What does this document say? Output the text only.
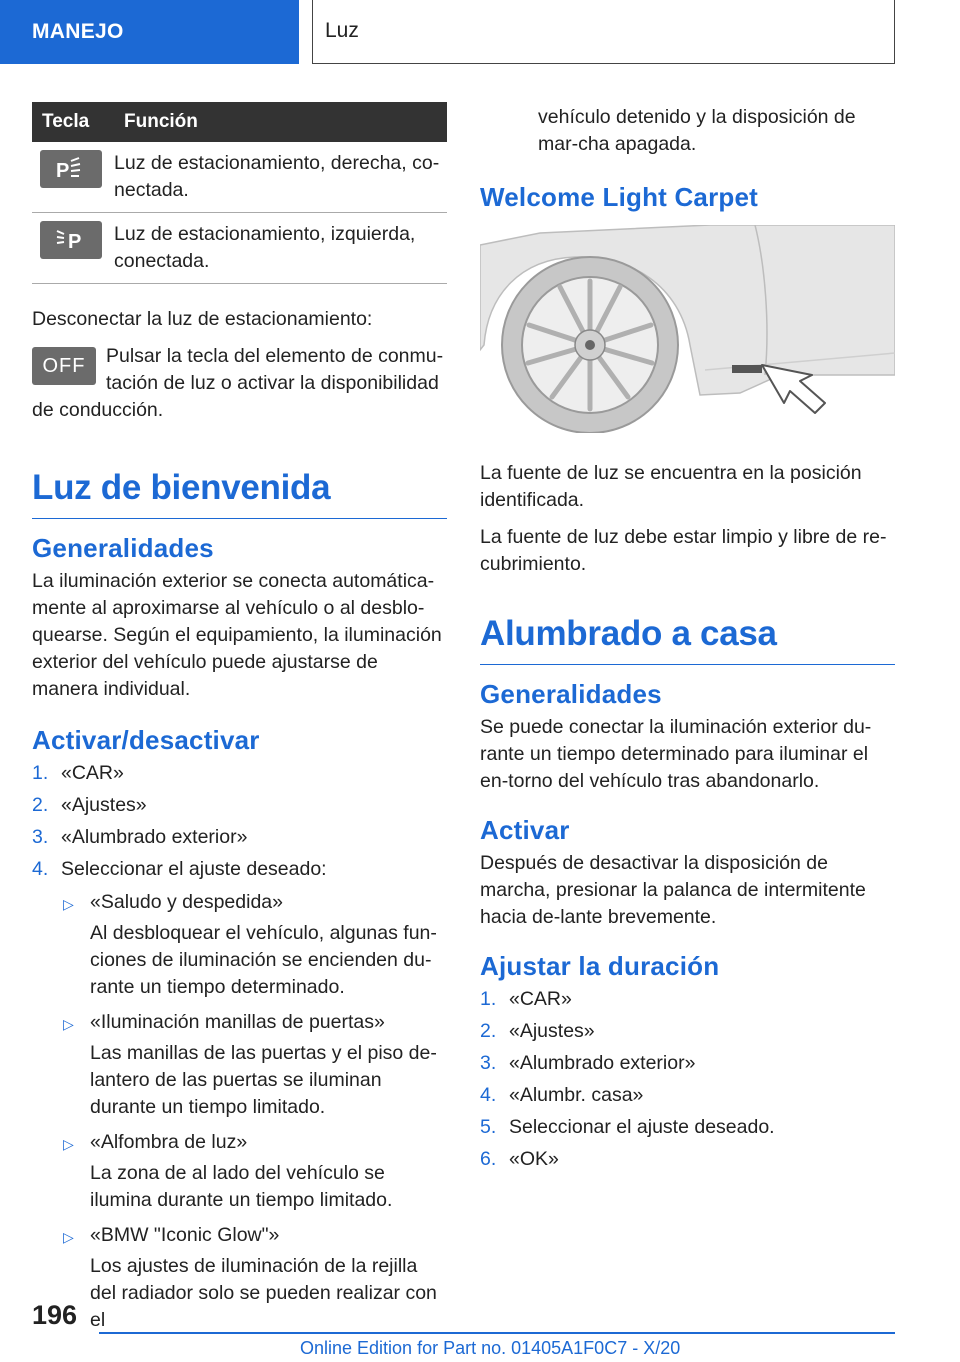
MANEJO	Luz
Tecla	Función

P	Luz de estacionamiento, derecha, co-nectada.

P	Luz de estacionamiento, izquierda, conectada.

Desconectar la luz de estacionamiento:

OFF	Pulsar la tecla del elemento de conmu-tación de luz o activar la disponibilidad de conducción.
Luz de bienvenida
Generalidades

La iluminación exterior se conecta automática-mente al aproximarse al vehículo o al desblo-quearse. Según el equipamiento, la iluminación exterior del vehículo puede ajustarse de manera individual.

Activar/desactivar
1. «CAR»
2. «Ajustes»
3. «Alumbrado exterior»
4. Seleccionar el ajuste deseado:
▷ «Saludo y despedida»
Al desbloquear el vehículo, algunas fun-ciones de iluminación se encienden du-rante un tiempo determinado.
▷ «Iluminación manillas de puertas»
Las manillas de las puertas y el piso de-lantero de las puertas se iluminan durante un tiempo limitado.
▷ «Alfombra de luz»
La zona de al lado del vehículo se ilumina durante un tiempo limitado.
▷ «BMW "Iconic Glow"»
Los ajustes de iluminación de la rejilla del radiador solo se pueden realizar con el

vehículo detenido y la disposición de mar-cha apagada.

Welcome Light Carpet

La fuente de luz se encuentra en la posición identificada.

La fuente de luz debe estar limpio y libre de re-cubrimiento.

Alumbrado a casa
Generalidades

Se puede conectar la iluminación exterior du-rante un tiempo determinado para iluminar el en-torno del vehículo tras abandonarlo.

Activar

Después de desactivar la disposición de marcha, presionar la palanca de intermitente hacia de-lante brevemente.

Ajustar la duración
1. «CAR»
2. «Ajustes»
3. «Alumbrado exterior»
4. «Alumbr. casa»
5. Seleccionar el ajuste deseado.
6. «OK»
196
Online Edition for Part no. 01405A1F0C7 - X/20
